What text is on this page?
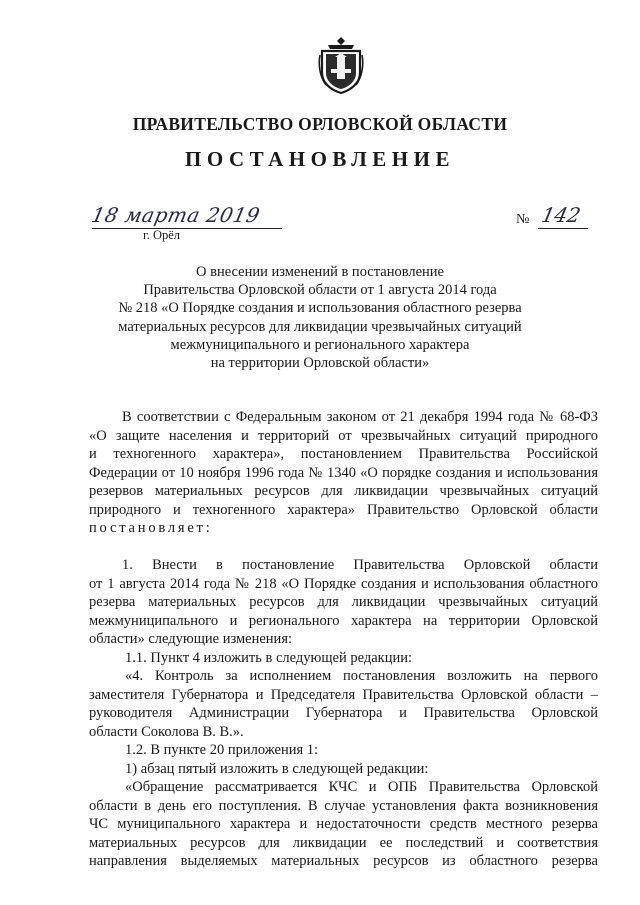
ПРАВИТЕЛЬСТВО ОРЛОВСКОЙ ОБЛАСТИ
ПОСТАНОВЛЕНИЕ
18 марта 2019
г. Орёл
№ 142
О внесении изменений в постановление
Правительства Орловской области от 1 августа 2014 года
№ 218 «О Порядке создания и использования областного резерва
материальных ресурсов для ликвидации чрезвычайных ситуаций
межмуниципального и регионального характера
на территории Орловской области»
В соответствии с Федеральным законом от 21 декабря 1994 года № 68-ФЗ
«О защите населения и территорий от чрезвычайных ситуаций природного
и техногенного характера», постановлением Правительства Российской
Федерации от 10 ноября 1996 года № 1340 «О порядке создания и использования
резервов материальных ресурсов для ликвидации чрезвычайных ситуаций
природного и техногенного характера» Правительство Орловской области
постановляет:
1. Внести в постановление Правительства Орловской области
от 1 августа 2014 года № 218 «О Порядке создания и использования областного
резерва материальных ресурсов для ликвидации чрезвычайных ситуаций
межмуниципального и регионального характера на территории Орловской
области» следующие изменения:
1.1. Пункт 4 изложить в следующей редакции:
«4. Контроль за исполнением постановления возложить на первого
заместителя Губернатора и Председателя Правительства Орловской области –
руководителя Администрации Губернатора и Правительства Орловской
области Соколова В. В.».
1.2. В пункте 20 приложения 1:
1) абзац пятый изложить в следующей редакции:
«Обращение рассматривается КЧС и ОПБ Правительства Орловской
области в день его поступления. В случае установления факта возникновения
ЧС муниципального характера и недостаточности средств местного резерва
материальных ресурсов для ликвидации ее последствий и соответствия
направления выделяемых материальных ресурсов из областного резерва
